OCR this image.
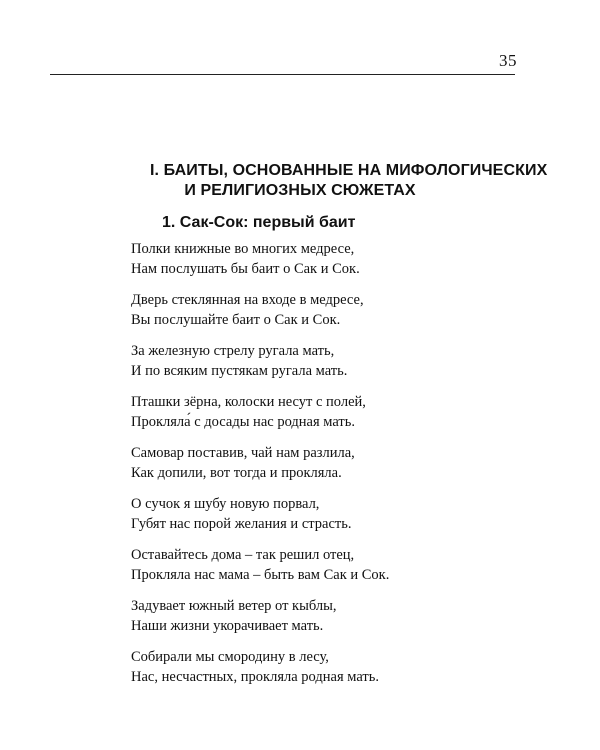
35
I. БАИТЫ, ОСНОВАННЫЕ НА МИФОЛОГИЧЕСКИХ
И РЕЛИГИОЗНЫХ СЮЖЕТАХ
1. Сак-Сок: первый баит
Полки книжные во многих медресе,
Нам послушать бы баит о Сак и Сок.
Дверь стеклянная на входе в медресе,
Вы послушайте баит о Сак и Сок.
За железную стрелу ругала мать,
И по всяким пустякам ругала мать.
Пташки зёрна, колоски несут с полей,
Прокляла́ с досады нас родная мать.
Самовар поставив, чай нам разлила,
Как допили, вот тогда и прокляла.
О сучок я шубу новую порвал,
Губят нас порой желания и страсть.
Оставайтесь дома – так решил отец,
Прокляла нас мама – быть вам Сак и Сок.
Задувает южный ветер от кыблы,
Наши жизни укорачивает мать.
Собирали мы смородину в лесу,
Нас, несчастных, прокляла родная мать.
